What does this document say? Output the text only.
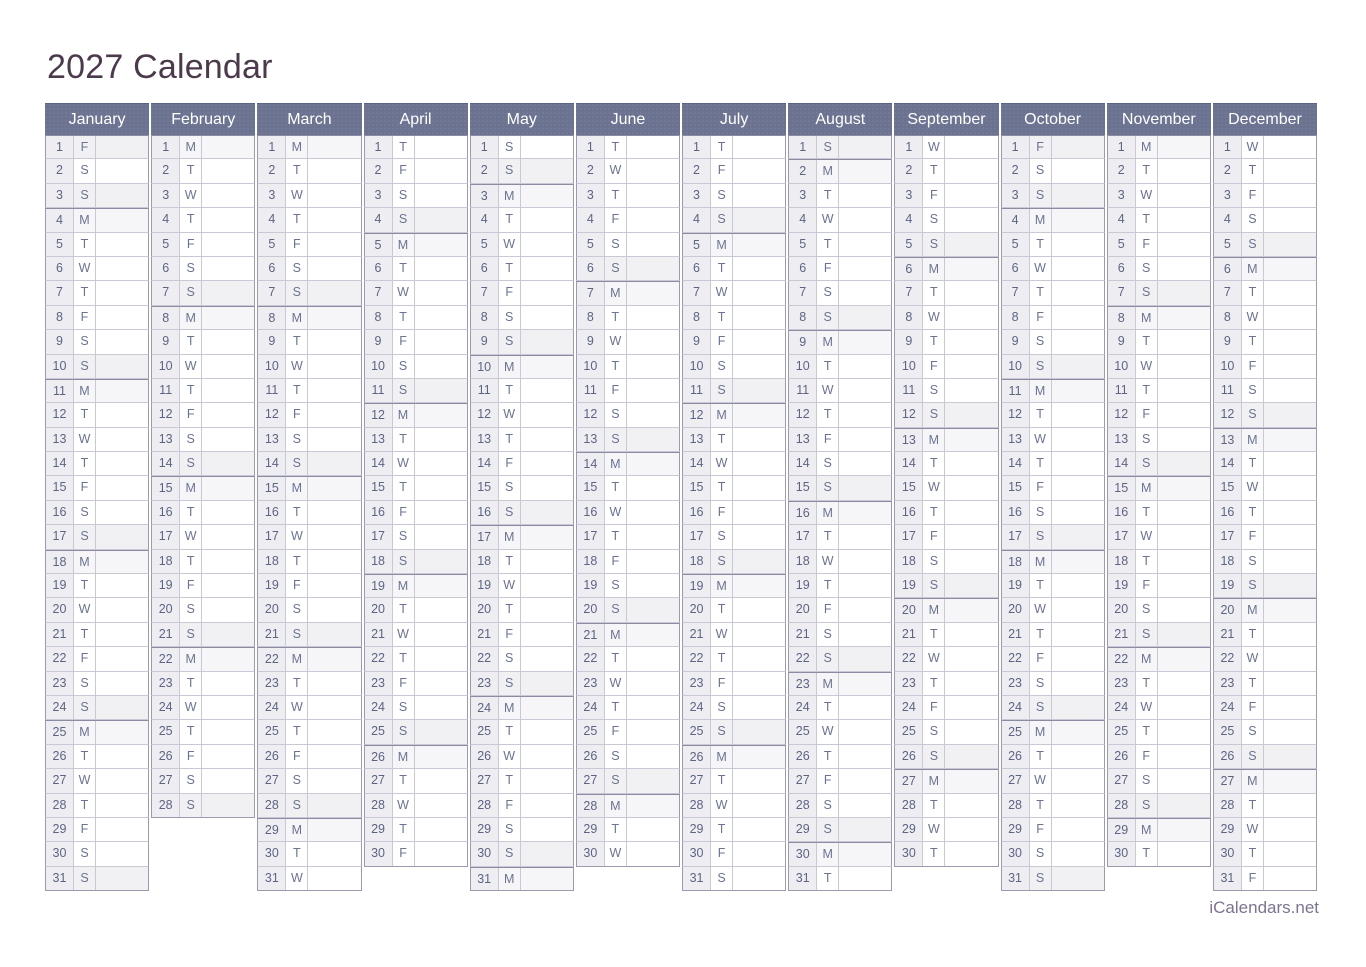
2027 Calendar
January
1	F
2	S
3	S
4	M
5	T
6	W
7	T
8	F
9	S
10	S
11	M
12	T
13 W
14	T
15	F
16	S
17	S
18	M
19	T
20 W
21	T
22	F
23	S
24	S
25	M
26	T
27 W
28	T
29	F
30	S
31	S
February
1	M
2	T
3	W
4	T
5	F
6	S
7	S
8	M
9	T
10 W
11	T
12	F
13	S
14	S
15	M
16	T
17 W
18	T
19	F
20	S
21	S
22	M
23	T
24 W
25	T
26	F
27	S
28	S
March
1	M
2	T
3	W
4	T
5	F
6	S
7	S
8	M
9	T
10 W
11	T
12	F
13	S
14	S
15	M
16	T
17 W
18	T
19	F
20	S
21	S
22	M
23	T
24 W
25	T
26	F
27	S
28	S
29	M
30	T
31 W
April
1	T
2	F
3	S
4	S
5	M
6	T
7	W
8	T
9	F
10	S
11	S
12	M
13	T
14 W
15	T
16	F
17	S
18	S
19	M
20	T
21 W
22	T
23	F
24	S
25	S
26	M
27	T
28 W
29	T
30	F
May
1	S
2	S
3	M
4	T
5	W
6	T
7	F
8	S
9	S
10	M
11	T
12 W
13	T
14	F
15	S
16	S
17	M
18	T
19 W
20	T
21	F
22	S
23	S
24	M
25	T
26 W
27	T
28	F
29	S
30	S
31	M
June
1	T
2	W
3	T
4	F
5	S
6	S
7	M
8	T
9	W
10	T
11	F
12	S
13	S
14	M
15	T
16 W
17	T
18	F
19	S
20	S
21	M
22	T
23 W
24	T
25	F
26	S
27	S
28	M
29	T
30 W
July
1	T
2	F
3	S
4	S
5	M
6	T
7	W
8	T
9	F
10	S
11	S
12	M
13	T
14 W
15	T
16	F
17	S
18	S
19	M
20	T
21 W
22	T
23	F
24	S
25	S
26	M
27	T
28 W
29	T
30	F
31	S
August
1	S
2	M
3	T
4	W
5	T
6	F
7	S
8	S
9	M
10	T
11	W
12	T
13	F
14	S
15	S
16	M
17	T
18 W
19	T
20	F
21	S
22	S
23	M
24	T
25 W
26	T
27	F
28	S
29	S
30	M
31	T
September
1	W
2	T
3	F
4	S
5	S
6	M
7	T
8	W
9	T
10	F
11	S
12	S
13	M
14	T
15 W
16	T
17	F
18	S
19	S
20	M
21	T
22 W
23	T
24	F
25	S
26	S
27	M
28	T
29 W
30	T
October
1	F
2	S
3	S
4	M
5	T
6	W
7	T
8	F
9	S
10	S
11	M
12	T
13 W
14	T
15	F
16	S
17	S
18	M
19	T
20 W
21	T
22	F
23	S
24	S
25	M
26	T
27 W
28	T
29	F
30	S
31	S
November
1	M
2	T
3	W
4	T
5	F
6	S
7	S
8	M
9	T
10 W
11	T
12	F
13	S
14	S
15	M
16	T
17 W
18	T
19	F
20	S
21	S
22	M
23	T
24 W
25	T
26	F
27	S
28	S
29	M
30	T
December
1	W
2	T
3	F
4	S
5	S
6	M
7	T
8	W
9	T
10	F
11	S
12	S
13	M
14	T
15 W
16	T
17	F
18	S
19	S
20	M
21	T
22 W
23	T
24	F
25	S
26	S
27	M
28	T
29 W
30	T
31	F
iCalendars.net
